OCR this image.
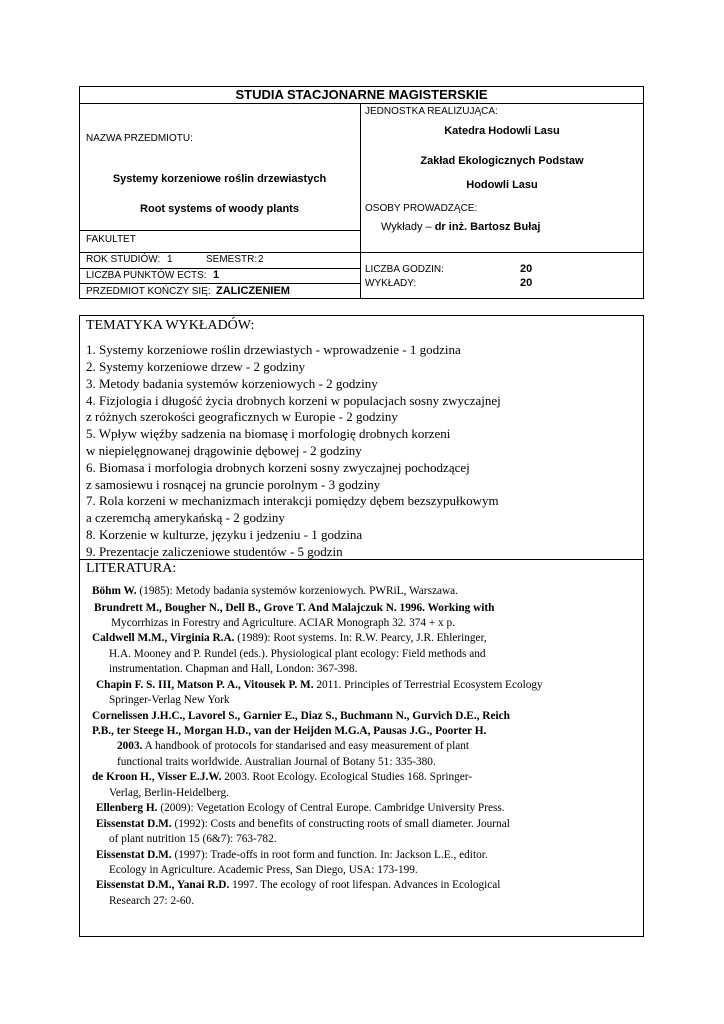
STUDIA STACJONARNE MAGISTERSKIE
NAZWA PRZEDMIOTU:
Systemy korzeniowe roślin drzewiastych
Root systems of woody plants
FAKULTET
ROK STUDIÓW: 1	SEMESTR: 2
LICZBA PUNKTÓW ECTS: 1
PRZEDMIOT KOŃCZY SIĘ: ZALICZENIEM
JEDNOSTKA REALIZUJĄCA:
Katedra Hodowli Lasu
Zakład Ekologicznych Podstaw
Hodowli Lasu
OSOBY PROWADZĄCE:
Wykłady – dr inż. Bartosz Bułaj
LICZBA GODZIN:	20
WYKŁADY:	20
TEMATYKA WYKŁADÓW:
1. Systemy korzeniowe roślin drzewiastych - wprowadzenie - 1 godzina
2. Systemy korzeniowe drzew - 2 godziny
3. Metody badania systemów korzeniowych - 2 godziny
4. Fizjologia i długość życia drobnych korzeni w populacjach sosny zwyczajnej
z różnych szerokości geograficznych w Europie - 2 godziny
5. Wpływ więźby sadzenia na biomasę i morfologię drobnych korzeni
w niepielęgnowanej drągowinie dębowej - 2 godziny
6. Biomasa i morfologia drobnych korzeni sosny zwyczajnej pochodzącej
z samosiewu i rosnącej na gruncie porolnym - 3 godziny
7. Rola korzeni w mechanizmach interakcji pomiędzy dębem bezszypułkowym
a czeremchą amerykańską - 2 godziny
8. Korzenie w kulturze, języku i jedzeniu - 1 godzina
9. Prezentacje zaliczeniowe studentów - 5 godzin
LITERATURA:
Böhm W. (1985): Metody badania systemów korzeniowych. PWRiL, Warszawa.
Brundrett M., Bougher N., Dell B., Grove T. And Malajczuk N. 1996. Working with
Mycorrhizas in Forestry and Agriculture. ACIAR Monograph 32. 374 + x p.
Caldwell M.M., Virginia R.A. (1989): Root systems. In: R.W. Pearcy, J.R. Ehleringer,
H.A. Mooney and P. Rundel (eds.). Physiological plant ecology: Field methods and
instrumentation. Chapman and Hall, London: 367-398.
Chapin F. S. III, Matson P. A., Vitousek P. M. 2011. Principles of Terrestrial Ecosystem Ecology
Springer-Verlag New York
Cornelissen J.H.C., Lavorel S., Garnier E., Diaz S., Buchmann N., Gurvich D.E., Reich
P.B., ter Steege H., Morgan H.D., van der Heijden M.G.A, Pausas J.G., Poorter H.
2003. A handbook of protocols for standarised and easy measurement of plant
functional traits worldwide. Australian Journal of Botany 51: 335-380.
de Kroon H., Visser E.J.W. 2003. Root Ecology. Ecological Studies 168. Springer-
Verlag, Berlin-Heidelberg.
Ellenberg H. (2009): Vegetation Ecology of Central Europe. Cambridge University Press.
Eissenstat D.M. (1992): Costs and benefits of constructing roots of small diameter. Journal
of plant nutrition 15 (6&7): 763-782.
Eissenstat D.M. (1997): Trade-offs in root form and function. In: Jackson L.E., editor.
Ecology in Agriculture. Academic Press, San Diego, USA: 173-199.
Eissenstat D.M., Yanai R.D. 1997. The ecology of root lifespan. Advances in Ecological
Research 27: 2-60.
